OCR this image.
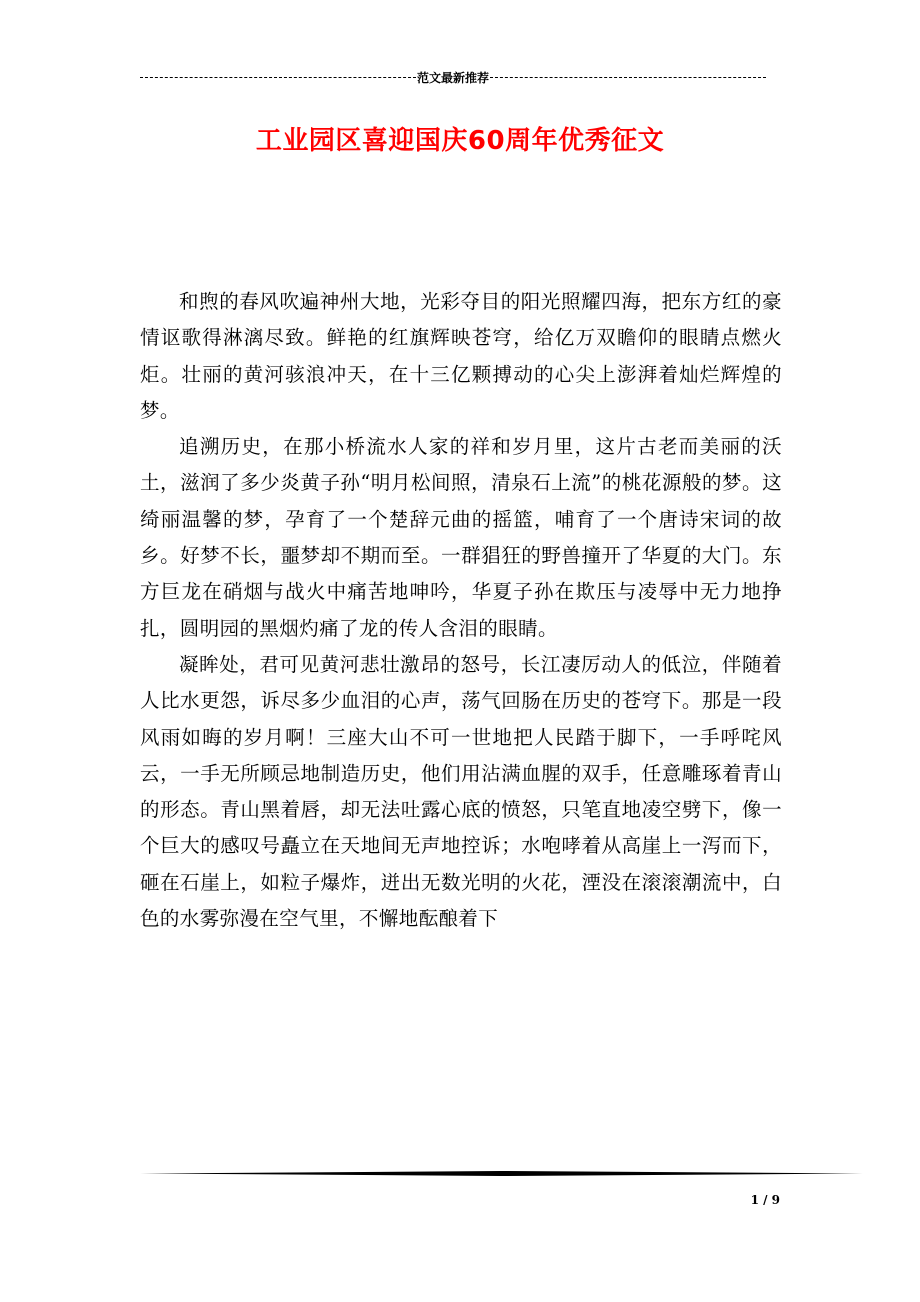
范文最新推荐
工业园区喜迎国庆60周年优秀征文

和煦的春风吹遍神州大地，光彩夺目的阳光照耀四海，把东方红的豪情讴歌得淋漓尽致。鲜艳的红旗辉映苍穹，给亿万双瞻仰的眼睛点燃火炬。壮丽的黄河骇浪冲天，在十三亿颗搏动的心尖上澎湃着灿烂辉煌的梦。

追溯历史，在那小桥流水人家的祥和岁月里，这片古老而美丽的沃土，滋润了多少炎黄子孙“明月松间照，清泉石上流”的桃花源般的梦。这绮丽温馨的梦，孕育了一个楚辞元曲的摇篮，哺育了一个唐诗宋词的故乡。好梦不长，噩梦却不期而至。一群猖狂的野兽撞开了华夏的大门。东方巨龙在硝烟与战火中痛苦地呻吟，华夏子孙在欺压与凌辱中无力地挣扎，圆明园的黑烟灼痛了龙的传人含泪的眼睛。

凝眸处，君可见黄河悲壮激昂的怒号，长江凄厉动人的低泣，伴随着人比水更怨，诉尽多少血泪的心声，荡气回肠在历史的苍穹下。那是一段风雨如晦的岁月啊！三座大山不可一世地把人民踏于脚下，一手呼咤风云，一手无所顾忌地制造历史，他们用沾满血腥的双手，任意雕琢着青山的形态。青山黑着唇，却无法吐露心底的愤怒，只笔直地凌空劈下，像一个巨大的感叹号矗立在天地间无声地控诉；水咆哮着从高崖上一泻而下，砸在石崖上，如粒子爆炸，迸出无数光明的火花，湮没在滚滚潮流中，白色的水雾弥漫在空气里，不懈地酝酿着下

1 / 9
